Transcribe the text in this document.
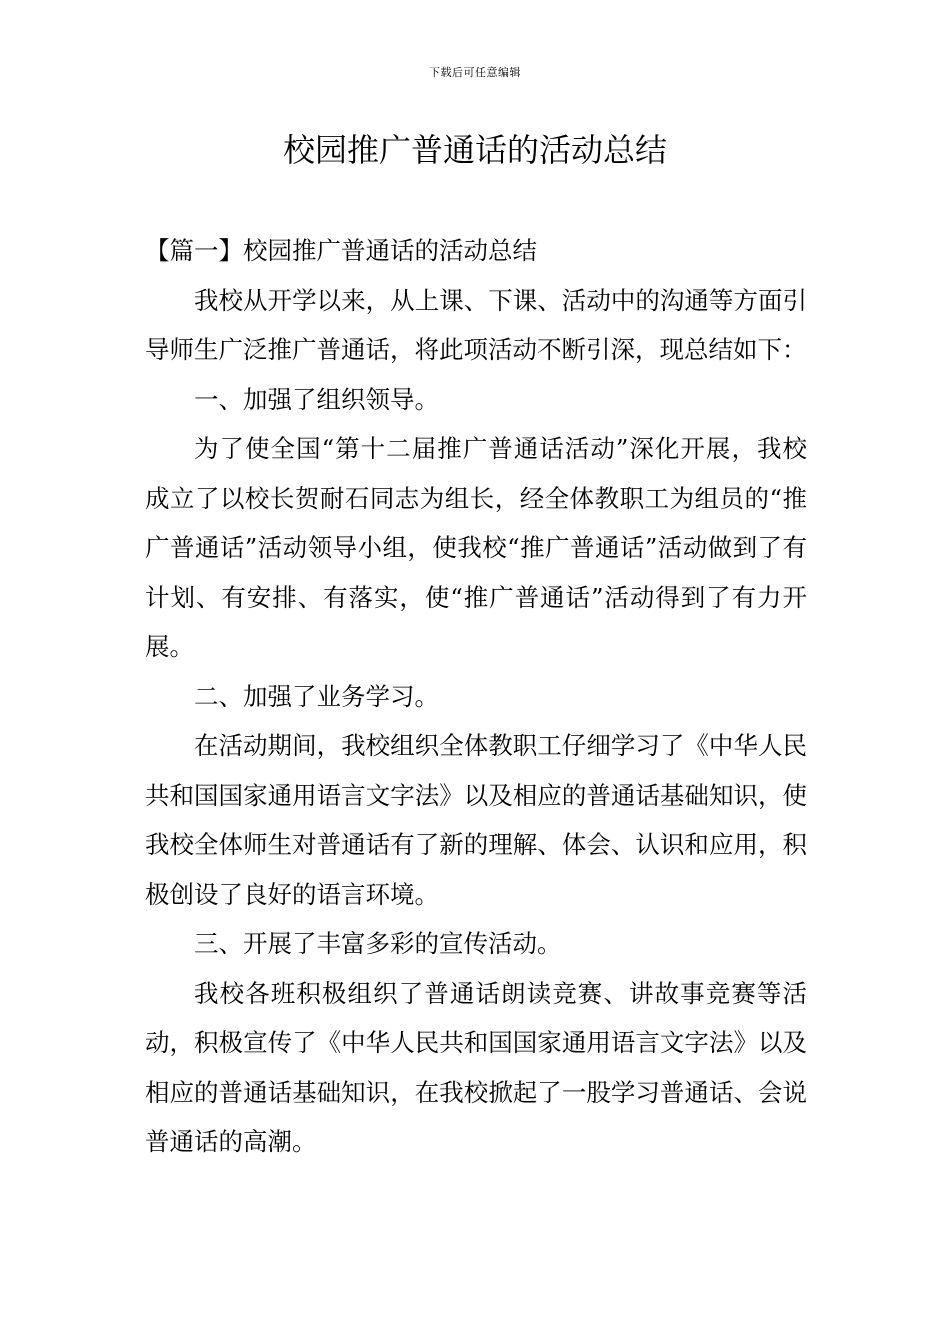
下载后可任意编辑
校园推广普通话的活动总结

【篇一】校园推广普通话的活动总结

我校从开学以来，从上课、下课、活动中的沟通等方面引导师生广泛推广普通话，将此项活动不断引深，现总结如下：

一、加强了组织领导。

为了使全国“第十二届推广普通话活动”深化开展，我校成立了以校长贺耐石同志为组长，经全体教职工为组员的“推广普通话”活动领导小组，使我校“推广普通话”活动做到了有计划、有安排、有落实，使“推广普通话”活动得到了有力开展。

二、加强了业务学习。

在活动期间，我校组织全体教职工仔细学习了《中华人民共和国国家通用语言文字法》以及相应的普通话基础知识，使我校全体师生对普通话有了新的理解、体会、认识和应用，积极创设了良好的语言环境。

三、开展了丰富多彩的宣传活动。

我校各班积极组织了普通话朗读竞赛、讲故事竞赛等活动，积极宣传了《中华人民共和国国家通用语言文字法》以及相应的普通话基础知识，在我校掀起了一股学习普通话、会说普通话的高潮。
